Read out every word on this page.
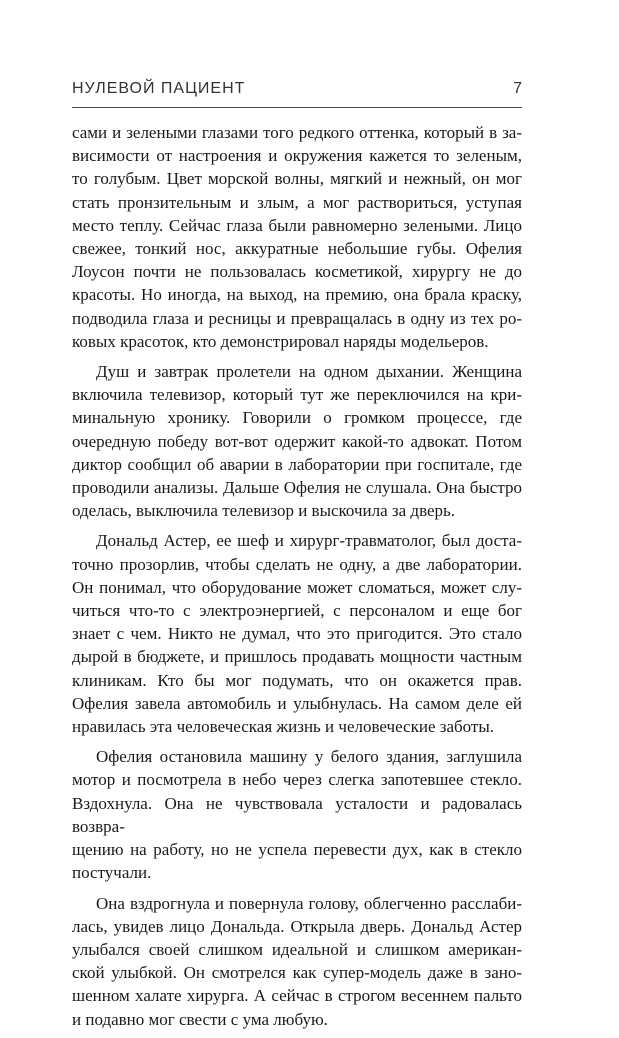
НУЛЕВОЙ ПАЦИЕНТ	7
сами и зелеными глазами того редкого оттенка, который в за-
висимости от настроения и окружения кажется то зеленым,
то голубым. Цвет морской волны, мягкий и нежный, он мог
стать пронзительным и злым, а мог раствориться, уступая
место теплу. Сейчас глаза были равномерно зелеными. Лицо
свежее, тонкий нос, аккуратные небольшие губы. Офелия
Лоусон почти не пользовалась косметикой, хирургу не до
красоты. Но иногда, на выход, на премию, она брала краску,
подводила глаза и ресницы и превращалась в одну из тех ро-
ковых красоток, кто демонстрировал наряды модельеров.
Душ и завтрак пролетели на одном дыхании. Женщина
включила телевизор, который тут же переключился на кри-
минальную хронику. Говорили о громком процессе, где
очередную победу вот-вот одержит какой-то адвокат. Потом
диктор сообщил об аварии в лаборатории при госпитале, где
проводили анализы. Дальше Офелия не слушала. Она быстро
оделась, выключила телевизор и выскочила за дверь.
Дональд Астер, ее шеф и хирург-травматолог, был доста-
точно прозорлив, чтобы сделать не одну, а две лаборатории.
Он понимал, что оборудование может сломаться, может слу-
читься что-то с электроэнергией, с персоналом и еще бог
знает с чем. Никто не думал, что это пригодится. Это стало
дырой в бюджете, и пришлось продавать мощности частным
клиникам. Кто бы мог подумать, что он окажется прав.
Офелия завела автомобиль и улыбнулась. На самом деле ей
нравилась эта человеческая жизнь и человеческие заботы.
Офелия остановила машину у белого здания, заглушила
мотор и посмотрела в небо через слегка запотевшее стекло.
Вздохнула. Она не чувствовала усталости и радовалась возвра-
щению на работу, но не успела перевести дух, как в стекло
постучали.
Она вздрогнула и повернула голову, облегченно расслаби-
лась, увидев лицо Дональда. Открыла дверь. Дональд Астер
улыбался своей слишком идеальной и слишком американ-
ской улыбкой. Он смотрелся как супер-модель даже в зано-
шенном халате хирурга. А сейчас в строгом весеннем пальто
и подавно мог свести с ума любую.
